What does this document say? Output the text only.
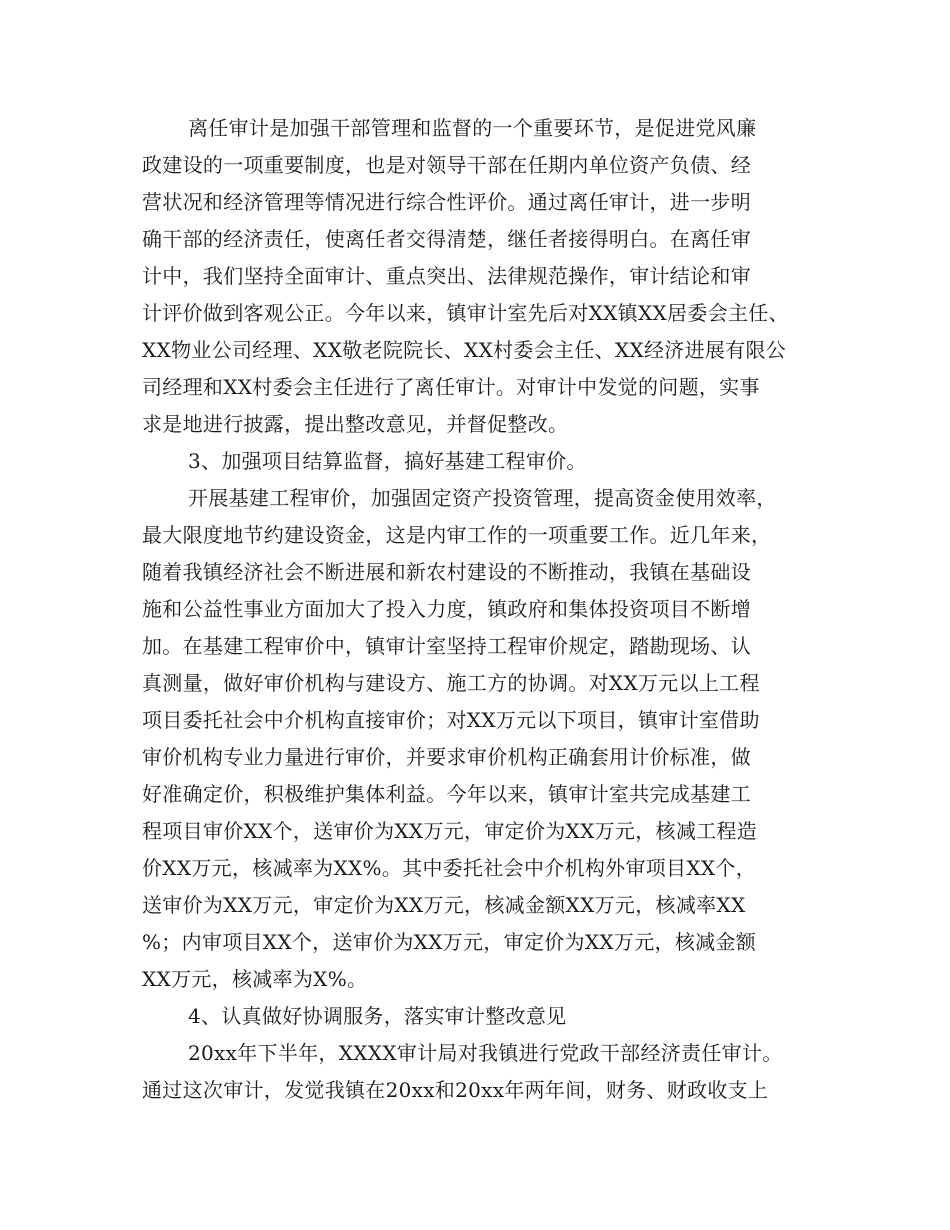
离任审计是加强干部管理和监督的一个重要环节，是促进党风廉
政建设的一项重要制度，也是对领导干部在任期内单位资产负债、经
营状况和经济管理等情况进行综合性评价。通过离任审计，进一步明
确干部的经济责任，使离任者交得清楚，继任者接得明白。在离任审
计中，我们坚持全面审计、重点突出、法律规范操作，审计结论和审
计评价做到客观公正。今年以来，镇审计室先后对XX镇XX居委会主任、
XX物业公司经理、XX敬老院院长、XX村委会主任、XX经济进展有限公
司经理和XX村委会主任进行了离任审计。对审计中发觉的问题，实事
求是地进行披露，提出整改意见，并督促整改。
3、加强项目结算监督，搞好基建工程审价。
开展基建工程审价，加强固定资产投资管理，提高资金使用效率，
最大限度地节约建设资金，这是内审工作的一项重要工作。近几年来，
随着我镇经济社会不断进展和新农村建设的不断推动，我镇在基础设
施和公益性事业方面加大了投入力度，镇政府和集体投资项目不断增
加。在基建工程审价中，镇审计室坚持工程审价规定，踏勘现场、认
真测量，做好审价机构与建设方、施工方的协调。对XX万元以上工程
项目委托社会中介机构直接审价；对XX万元以下项目，镇审计室借助
审价机构专业力量进行审价，并要求审价机构正确套用计价标准，做
好准确定价，积极维护集体利益。今年以来，镇审计室共完成基建工
程项目审价XX个，送审价为XX万元，审定价为XX万元，核减工程造
价XX万元，核减率为XX%。其中委托社会中介机构外审项目XX个，
送审价为XX万元，审定价为XX万元，核减金额XX万元，核减率XX
%；内审项目XX个，送审价为XX万元，审定价为XX万元，核减金额
XX万元，核减率为X%。
4、认真做好协调服务，落实审计整改意见
20xx年下半年，XXXX审计局对我镇进行党政干部经济责任审计。
通过这次审计，发觉我镇在20xx和20xx年两年间，财务、财政收支上
